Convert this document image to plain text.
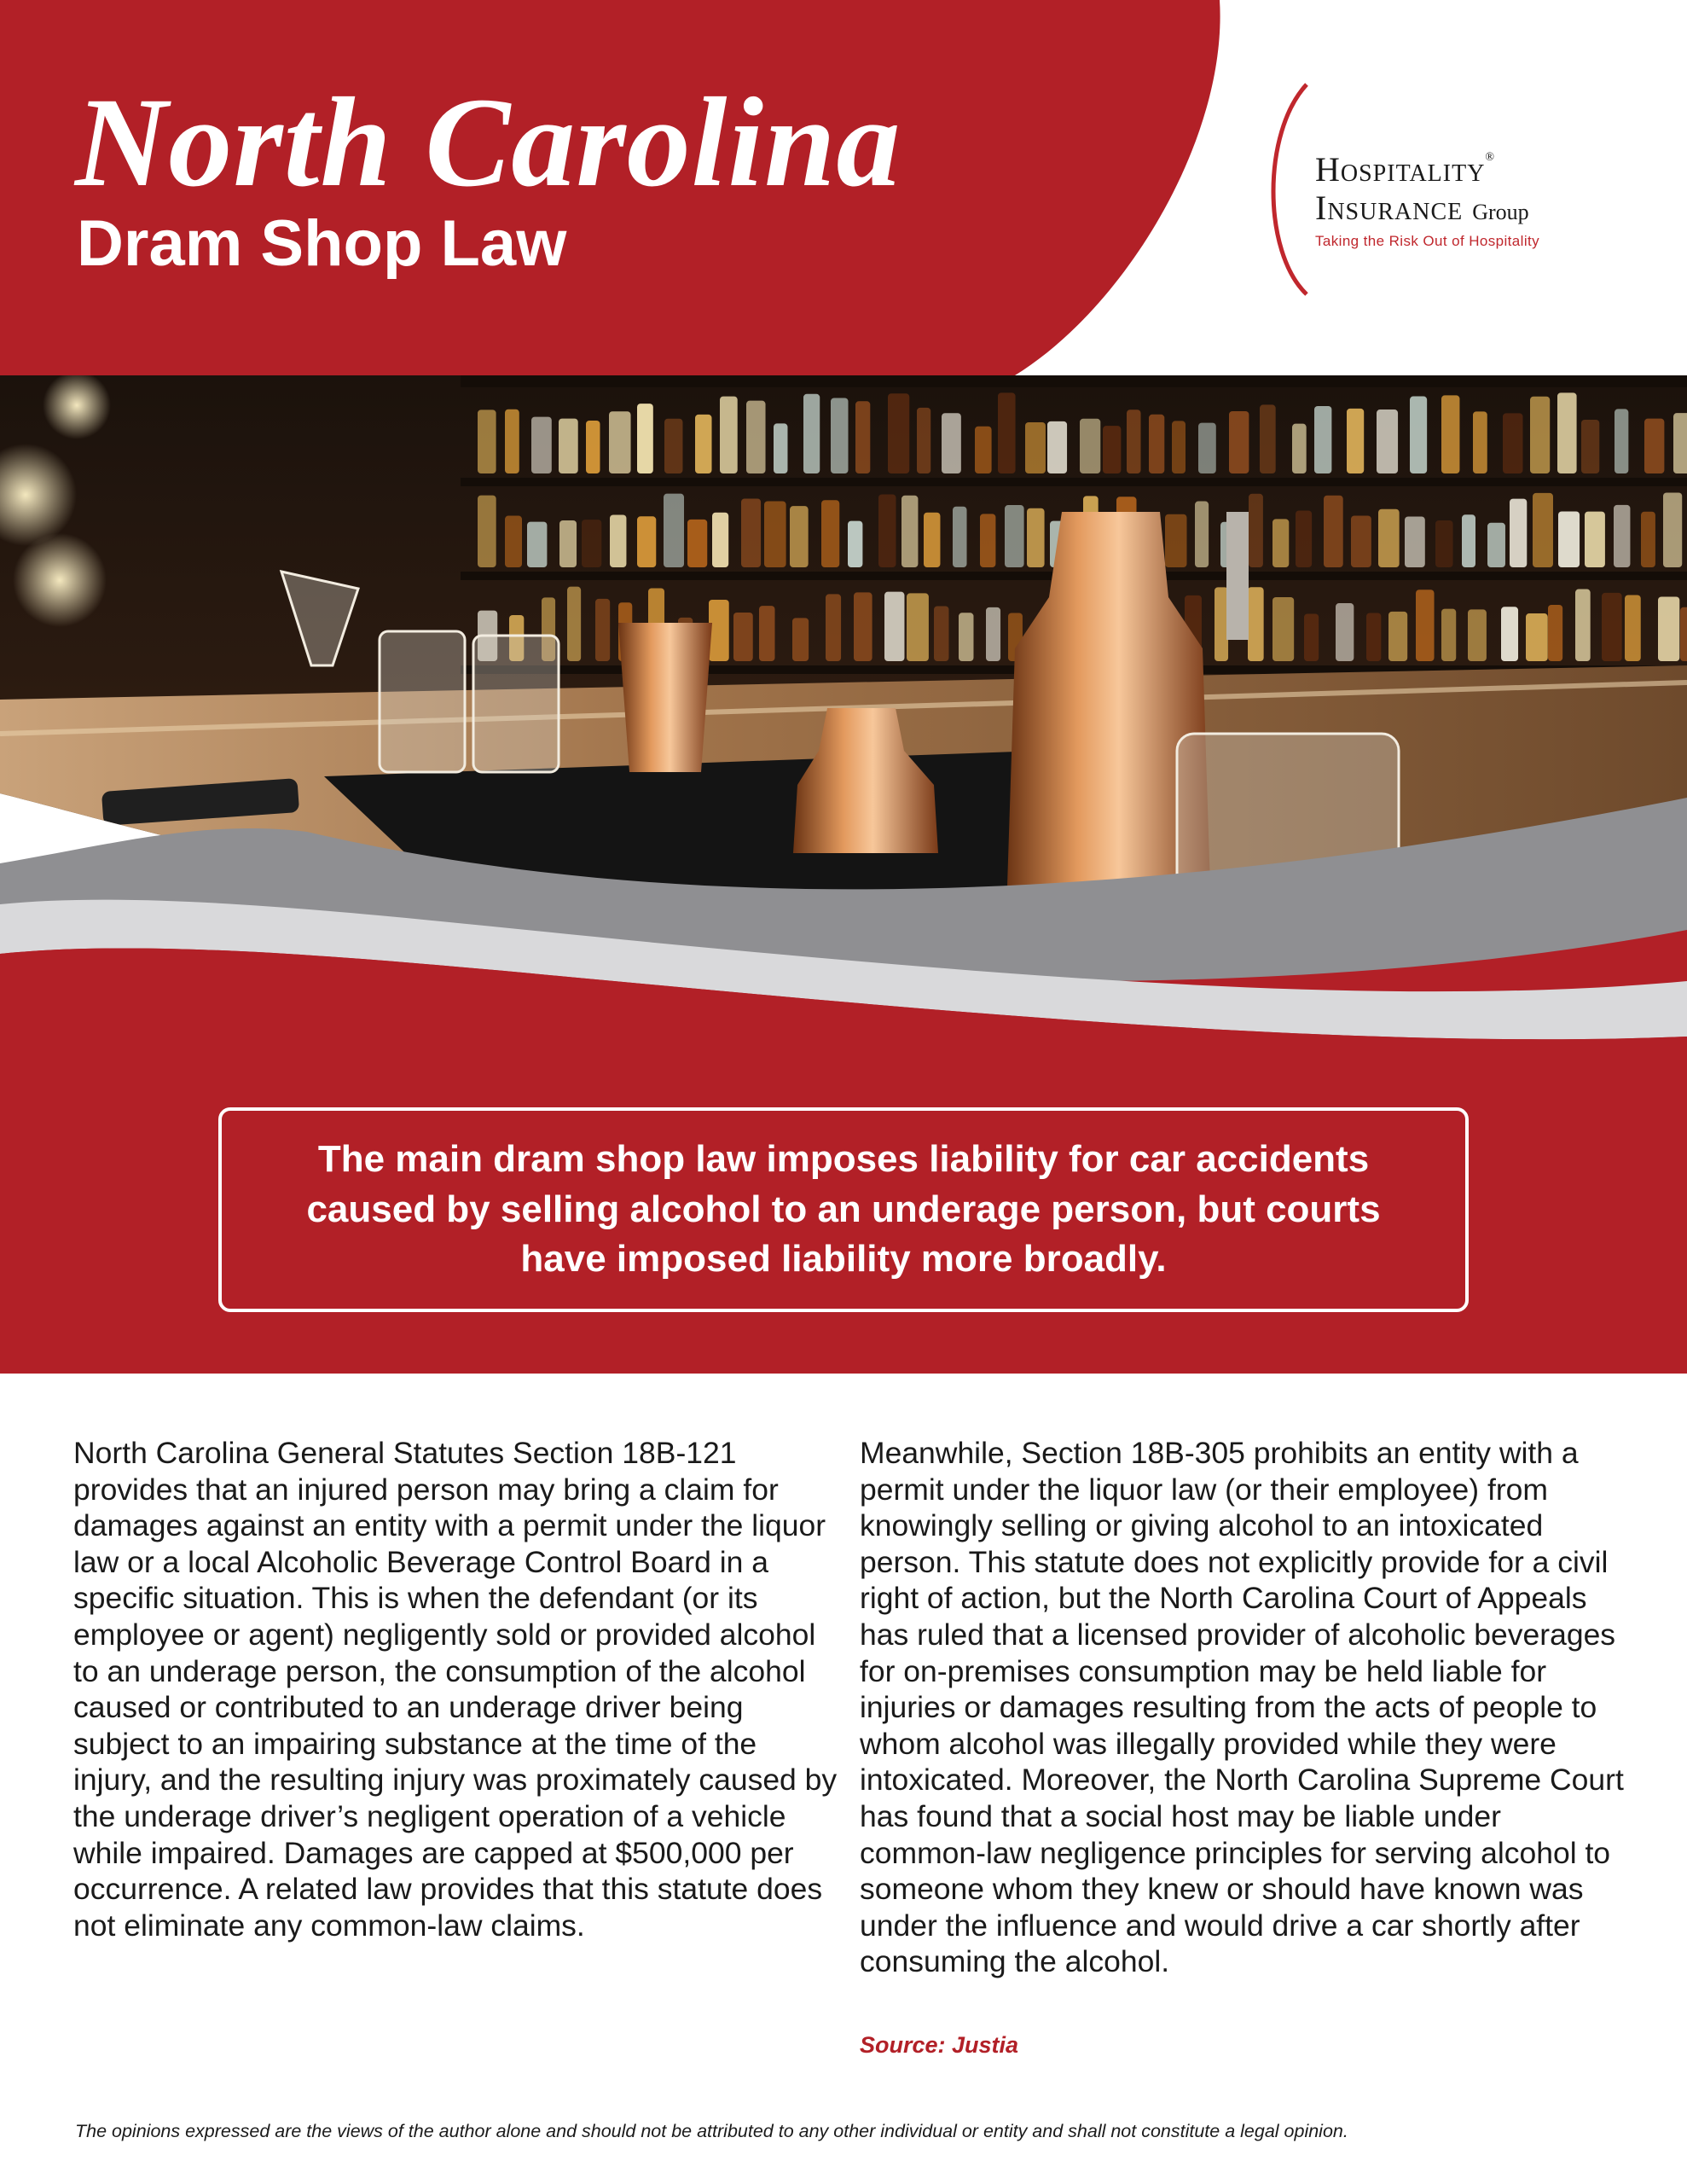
North Carolina
Dram Shop Law
Hospitality®
Insurance Group
Taking the Risk Out of Hospitality
The main dram shop law imposes liability for car accidents caused by selling alcohol to an underage person, but courts have imposed liability more broadly.
North Carolina General Statutes Section 18B-121 provides that an injured person may bring a claim for damages against an entity with a permit under the liquor law or a local Alcoholic Beverage Control Board in a specific situation. This is when the defendant (or its employee or agent) negligently sold or provided alcohol to an underage person, the consumption of the alcohol caused or contributed to an underage driver being subject to an impairing substance at the time of the injury, and the resulting injury was proximately caused by the underage driver’s negligent operation of a vehicle while impaired. Damages are capped at $500,000 per occurrence. A related law provides that this statute does not eliminate any common-law claims.
Meanwhile, Section 18B-305 prohibits an entity with a permit under the liquor law (or their employee) from knowingly selling or giving alcohol to an intoxicated person. This statute does not explicitly provide for a civil right of action, but the North Carolina Court of Appeals has ruled that a licensed provider of alcoholic beverages for on-premises consumption may be held liable for injuries or damages resulting from the acts of people to whom alcohol was illegally provided while they were intoxicated. Moreover, the North Carolina Supreme Court has found that a social host may be liable under common-law negligence principles for serving alcohol to someone whom they knew or should have known was under the influence and would drive a car shortly after consuming the alcohol.
Source: Justia
The opinions expressed are the views of the author alone and should not be attributed to any other individual or entity and shall not constitute a legal opinion.
